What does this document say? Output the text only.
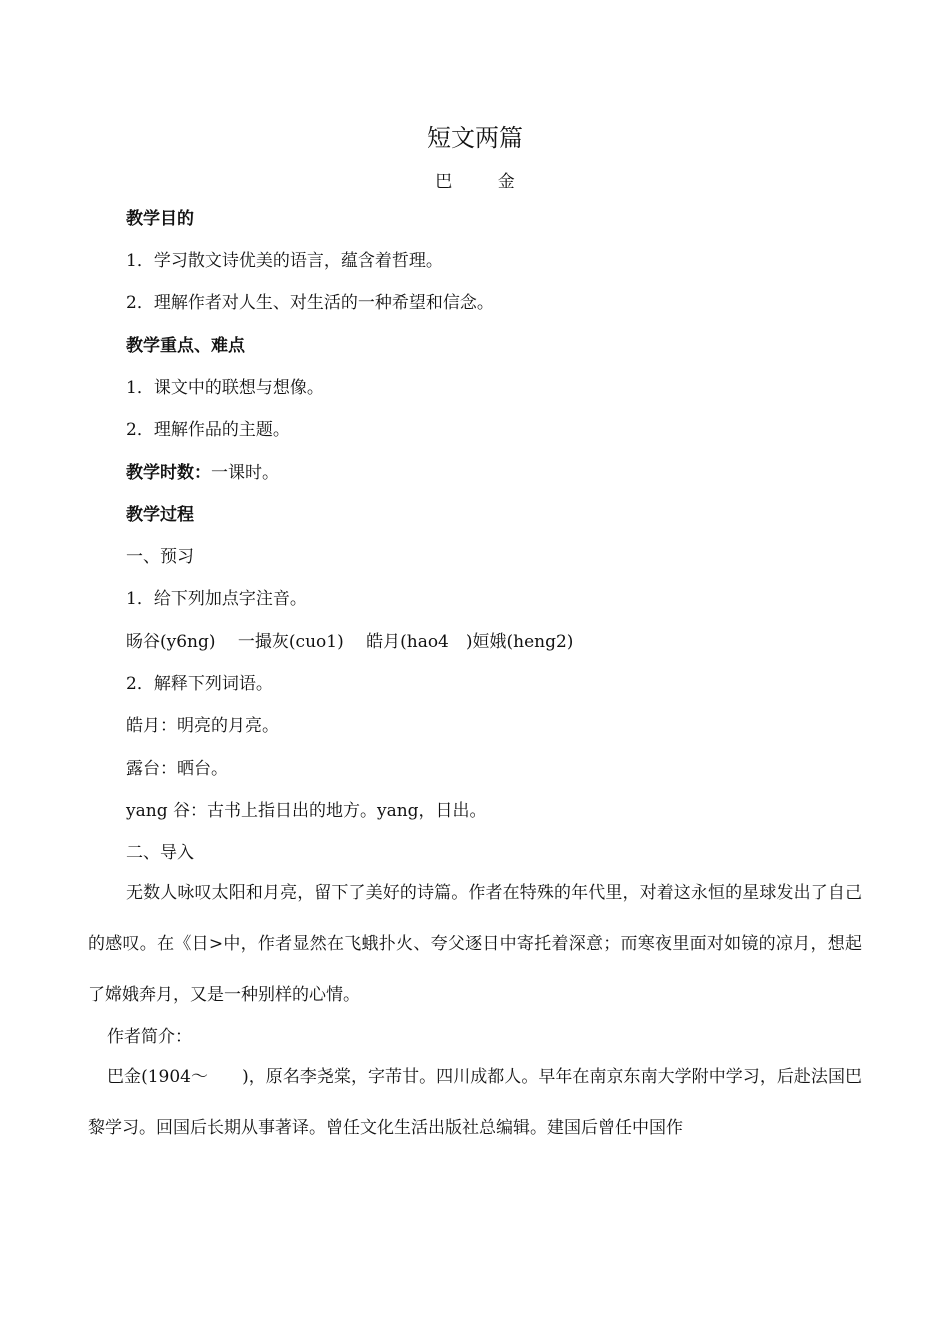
短文两篇
巴 金
教学目的
1．学习散文诗优美的语言，蕴含着哲理。
2．理解作者对人生、对生活的一种希望和信念。
教学重点、难点
1．课文中的联想与想像。
2．理解作品的主题。
教学时数：一课时。
教学过程
一、预习
1．给下列加点字注音。
旸谷(y6ng)　 一撮灰(cuo1)　 皓月(hao4　)姮娥(heng2)
2．解释下列词语。
皓月：明亮的月亮。
露台：晒台。
yang 谷：古书上指日出的地方。yang，日出。
二、导入
无数人咏叹太阳和月亮，留下了美好的诗篇。作者在特殊的年代里，对着这永恒的星球发出了自己的感叹。在《日>中，作者显然在飞蛾扑火、夸父逐日中寄托着深意；而寒夜里面对如镜的凉月，想起了嫦娥奔月，又是一种别样的心情。
作者简介：
巴金(1904～　　)，原名李尧棠，字芾甘。四川成都人。早年在南京东南大学附中学习，后赴法国巴黎学习。回国后长期从事著译。曾任文化生活出版社总编辑。建国后曾任中国作
